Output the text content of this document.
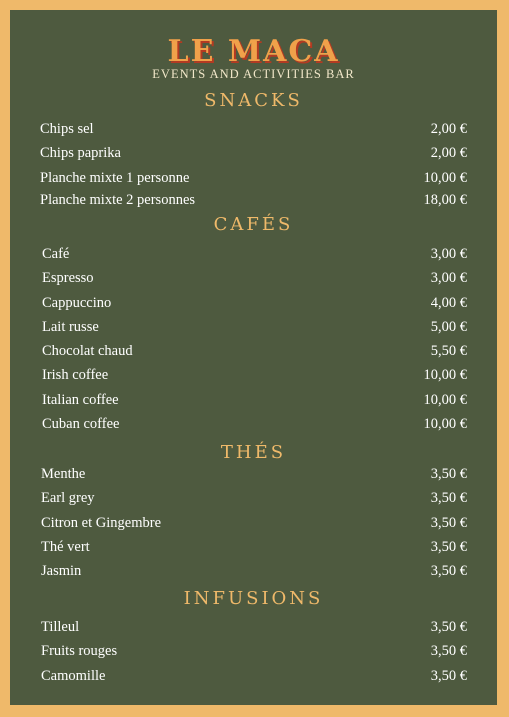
LE MACA
EVENTS AND ACTIVITIES BAR
SNACKS
Chips sel	2,00 €
Chips paprika	2,00 €
Planche mixte 1 personne	10,00 €
Planche mixte 2 personnes	18,00 €
CAFÉS
Café	3,00 €
Espresso	3,00 €
Cappuccino	4,00 €
Lait russe	5,00 €
Chocolat chaud	5,50 €
Irish coffee	10,00 €
Italian coffee	10,00 €
Cuban coffee	10,00 €
THÉS
Menthe	3,50 €
Earl grey	3,50 €
Citron et Gingembre	3,50 €
Thé vert	3,50 €
Jasmin	3,50 €
INFUSIONS
Tilleul	3,50 €
Fruits rouges	3,50 €
Camomille	3,50 €
